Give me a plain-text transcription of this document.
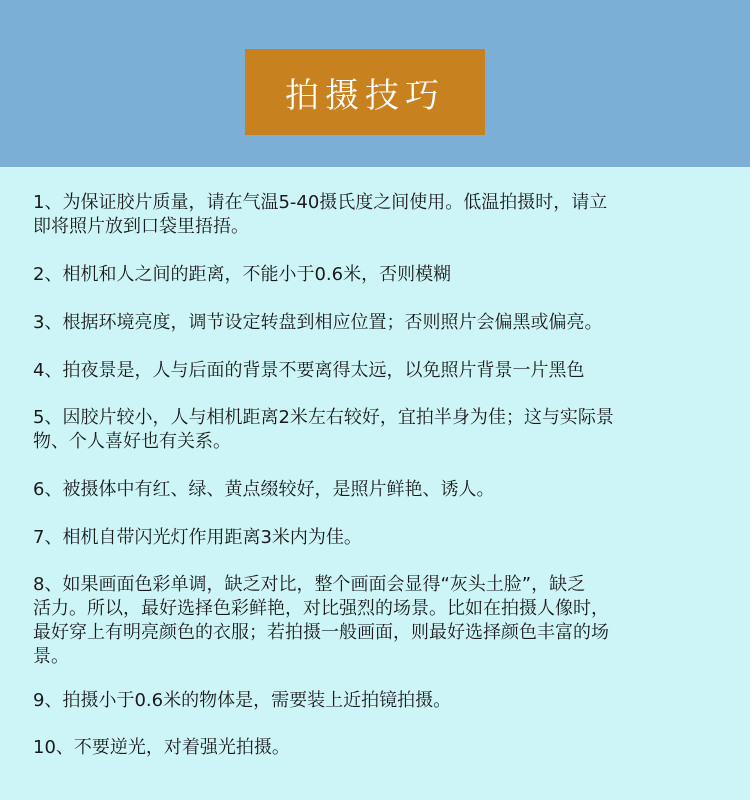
拍摄技巧
1、为保证胶片质量，请在气温5-40摄氏度之间使用。低温拍摄时，请立
即将照片放到口袋里捂捂。
2、相机和人之间的距离，不能小于0.6米，否则模糊
3、根据环境亮度，调节设定转盘到相应位置；否则照片会偏黑或偏亮。
4、拍夜景是，人与后面的背景不要离得太远，以免照片背景一片黑色
5、因胶片较小，人与相机距离2米左右较好，宜拍半身为佳；这与实际景
物、个人喜好也有关系。
6、被摄体中有红、绿、黄点缀较好，是照片鲜艳、诱人。
7、相机自带闪光灯作用距离3米内为佳。
8、如果画面色彩单调，缺乏对比，整个画面会显得“灰头土脸”，缺乏
活力。所以，最好选择色彩鲜艳，对比强烈的场景。比如在拍摄人像时，
最好穿上有明亮颜色的衣服；若拍摄一般画面，则最好选择颜色丰富的场
景。
9、拍摄小于0.6米的物体是，需要装上近拍镜拍摄。
10、不要逆光，对着强光拍摄。
